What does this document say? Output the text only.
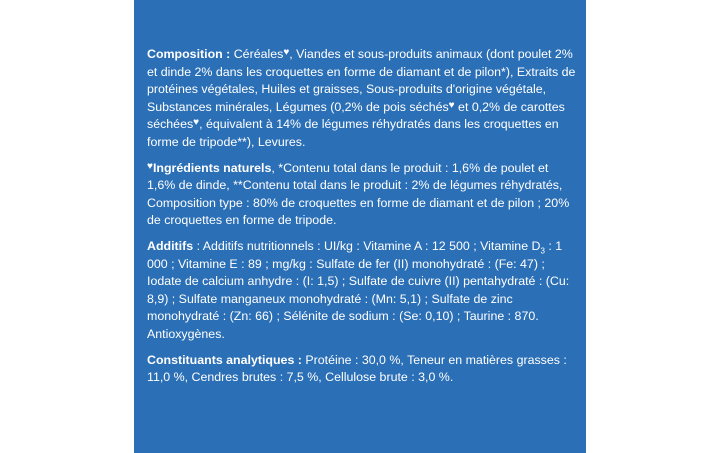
Composition : Céréales♥, Viandes et sous-produits animaux (dont poulet 2% et dinde 2% dans les croquettes en forme de diamant et de pilon*), Extraits de protéines végétales, Huiles et graisses, Sous-produits d'origine végétale, Substances minérales, Légumes (0,2% de pois séchés♥ et 0,2% de carottes séchées♥, équivalent à 14% de légumes réhydratés dans les croquettes en forme de tripode**), Levures.

♥Ingrédients naturels, *Contenu total dans le produit : 1,6% de poulet et 1,6% de dinde, **Contenu total dans le produit : 2% de légumes réhydratés, Composition type : 80% de croquettes en forme de diamant et de pilon ; 20% de croquettes en forme de tripode.

Additifs : Additifs nutritionnels : UI/kg : Vitamine A : 12 500 ; Vitamine $D_3$ : 1 000 ; Vitamine E : 89 ; mg/kg : Sulfate de fer (II) monohydraté : (Fe: 47) ; Iodate de calcium anhydre : (I: 1,5) ; Sulfate de cuivre (II) pentahydraté : (Cu: 8,9) ; Sulfate manganeux monohydraté : (Mn: 5,1) ; Sulfate de zinc monohydraté : (Zn: 66) ; Sélénite de sodium : (Se: 0,10) ; Taurine : 870. Antioxygènes.

Constituants analytiques : Protéine : 30,0 %, Teneur en matières grasses : 11,0 %, Cendres brutes : 7,5 %, Cellulose brute : 3,0 %.
